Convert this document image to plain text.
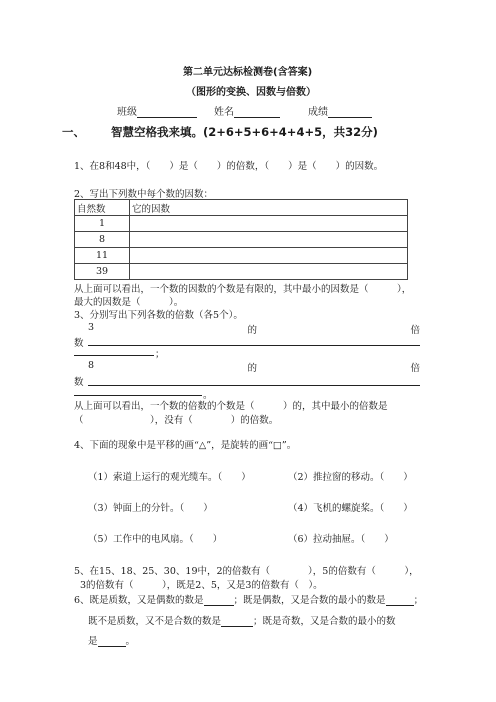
第二单元达标检测卷(含答案)
（图形的变换、因数与倍数）
班级	姓名	成绩
一、 智慧空格我来填。(2+6+5+6+4+4+5，共32分)
1、在8和48中，（　　）是（　　）的倍数，（　　）是（　　）的因数。
2、写出下列数中每个数的因数：
自然数	它的因数
1	
8	
11	
39	
从上面可以看出，一个数的因数的个数是有限的，其中最小的因数是（　　　），
最大的因数是（　　　）。
3、分别写出下列各数的倍数（各5个）。
3	的	倍
数
；
8	的	倍
数
。
从上面可以看出，一个数的倍数的个数是（　　　）的，其中最小的倍数是
（　　　　　　　），没有（　　　　）的倍数。
4、下面的现象中是平移的画“△”，是旋转的画“□”。
（1）索道上运行的观光缆车。（　　）	（2）推拉窗的移动。（　　）
（3）钟面上的分针。（　　）	（4）飞机的螺旋桨。（　　）
（5）工作中的电风扇。（　　）	（6）拉动抽屉。（　　）
5、在15、18、25、30、19中，2的倍数有（　　　　），5的倍数有（　　　），
3的倍数有（　　　），既是2、5，又是3的倍数有（　）。
6、既是质数，又是偶数的数是	；既是偶数，又是合数的最小的数是	；
既不是质数，又不是合数的数是	；既是奇数，又是合数的最小的数
是	。
